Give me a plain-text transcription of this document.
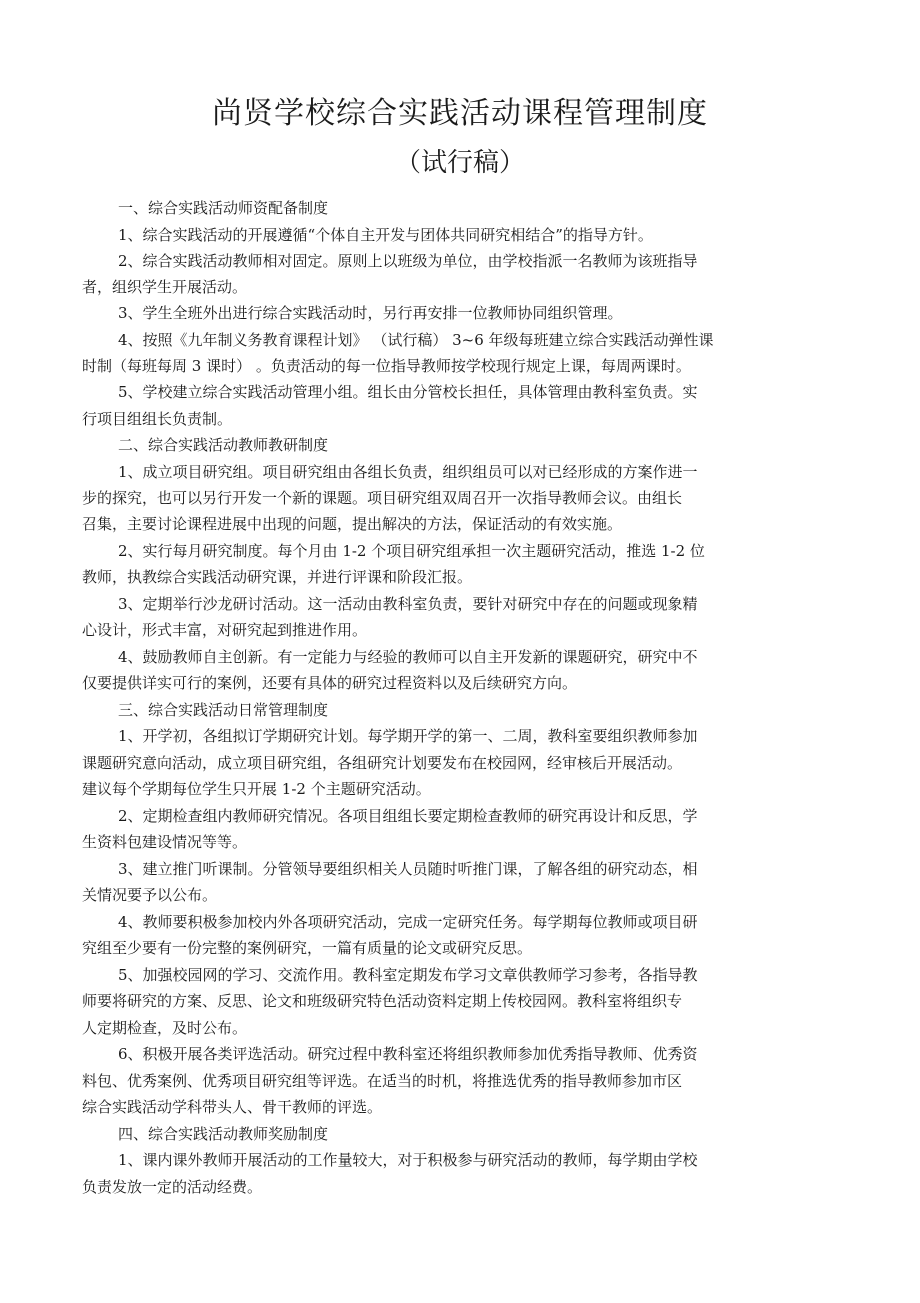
尚贤学校综合实践活动课程管理制度
（试行稿）
一、综合实践活动师资配备制度
1、综合实践活动的开展遵循“个体自主开发与团体共同研究相结合”的指导方针。
2、综合实践活动教师相对固定。原则上以班级为单位，由学校指派一名教师为该班指导
者，组织学生开展活动。
3、学生全班外出进行综合实践活动时，另行再安排一位教师协同组织管理。
4、按照《九年制义务教育课程计划》 （试行稿） 3~6 年级每班建立综合实践活动弹性课
时制（每班每周 3 课时） 。负责活动的每一位指导教师按学校现行规定上课，每周两课时。
5、学校建立综合实践活动管理小组。组长由分管校长担任，具体管理由教科室负责。实
行项目组组长负责制。
二、综合实践活动教师教研制度
1、成立项目研究组。项目研究组由各组长负责，组织组员可以对已经形成的方案作进一
步的探究，也可以另行开发一个新的课题。项目研究组双周召开一次指导教师会议。由组长
召集，主要讨论课程进展中出现的问题，提出解决的方法，保证活动的有效实施。
2、实行每月研究制度。每个月由 1-2 个项目研究组承担一次主题研究活动，推选 1-2 位
教师，执教综合实践活动研究课，并进行评课和阶段汇报。
3、定期举行沙龙研讨活动。这一活动由教科室负责，要针对研究中存在的问题或现象精
心设计，形式丰富，对研究起到推进作用。
4、鼓励教师自主创新。有一定能力与经验的教师可以自主开发新的课题研究，研究中不
仅要提供详实可行的案例，还要有具体的研究过程资料以及后续研究方向。
三、综合实践活动日常管理制度
1、开学初，各组拟订学期研究计划。每学期开学的第一、二周，教科室要组织教师参加
课题研究意向活动，成立项目研究组，各组研究计划要发布在校园网，经审核后开展活动。
建议每个学期每位学生只开展 1-2 个主题研究活动。
2、定期检查组内教师研究情况。各项目组组长要定期检查教师的研究再设计和反思，学
生资料包建设情况等等。
3、建立推门听课制。分管领导要组织相关人员随时听推门课，了解各组的研究动态，相
关情况要予以公布。
4、教师要积极参加校内外各项研究活动，完成一定研究任务。每学期每位教师或项目研
究组至少要有一份完整的案例研究，一篇有质量的论文或研究反思。
5、加强校园网的学习、交流作用。教科室定期发布学习文章供教师学习参考，各指导教
师要将研究的方案、反思、论文和班级研究特色活动资料定期上传校园网。教科室将组织专
人定期检查，及时公布。
6、积极开展各类评选活动。研究过程中教科室还将组织教师参加优秀指导教师、优秀资
料包、优秀案例、优秀项目研究组等评选。在适当的时机，将推选优秀的指导教师参加市区
综合实践活动学科带头人、骨干教师的评选。
四、综合实践活动教师奖励制度
1、课内课外教师开展活动的工作量较大，对于积极参与研究活动的教师，每学期由学校
负责发放一定的活动经费。
